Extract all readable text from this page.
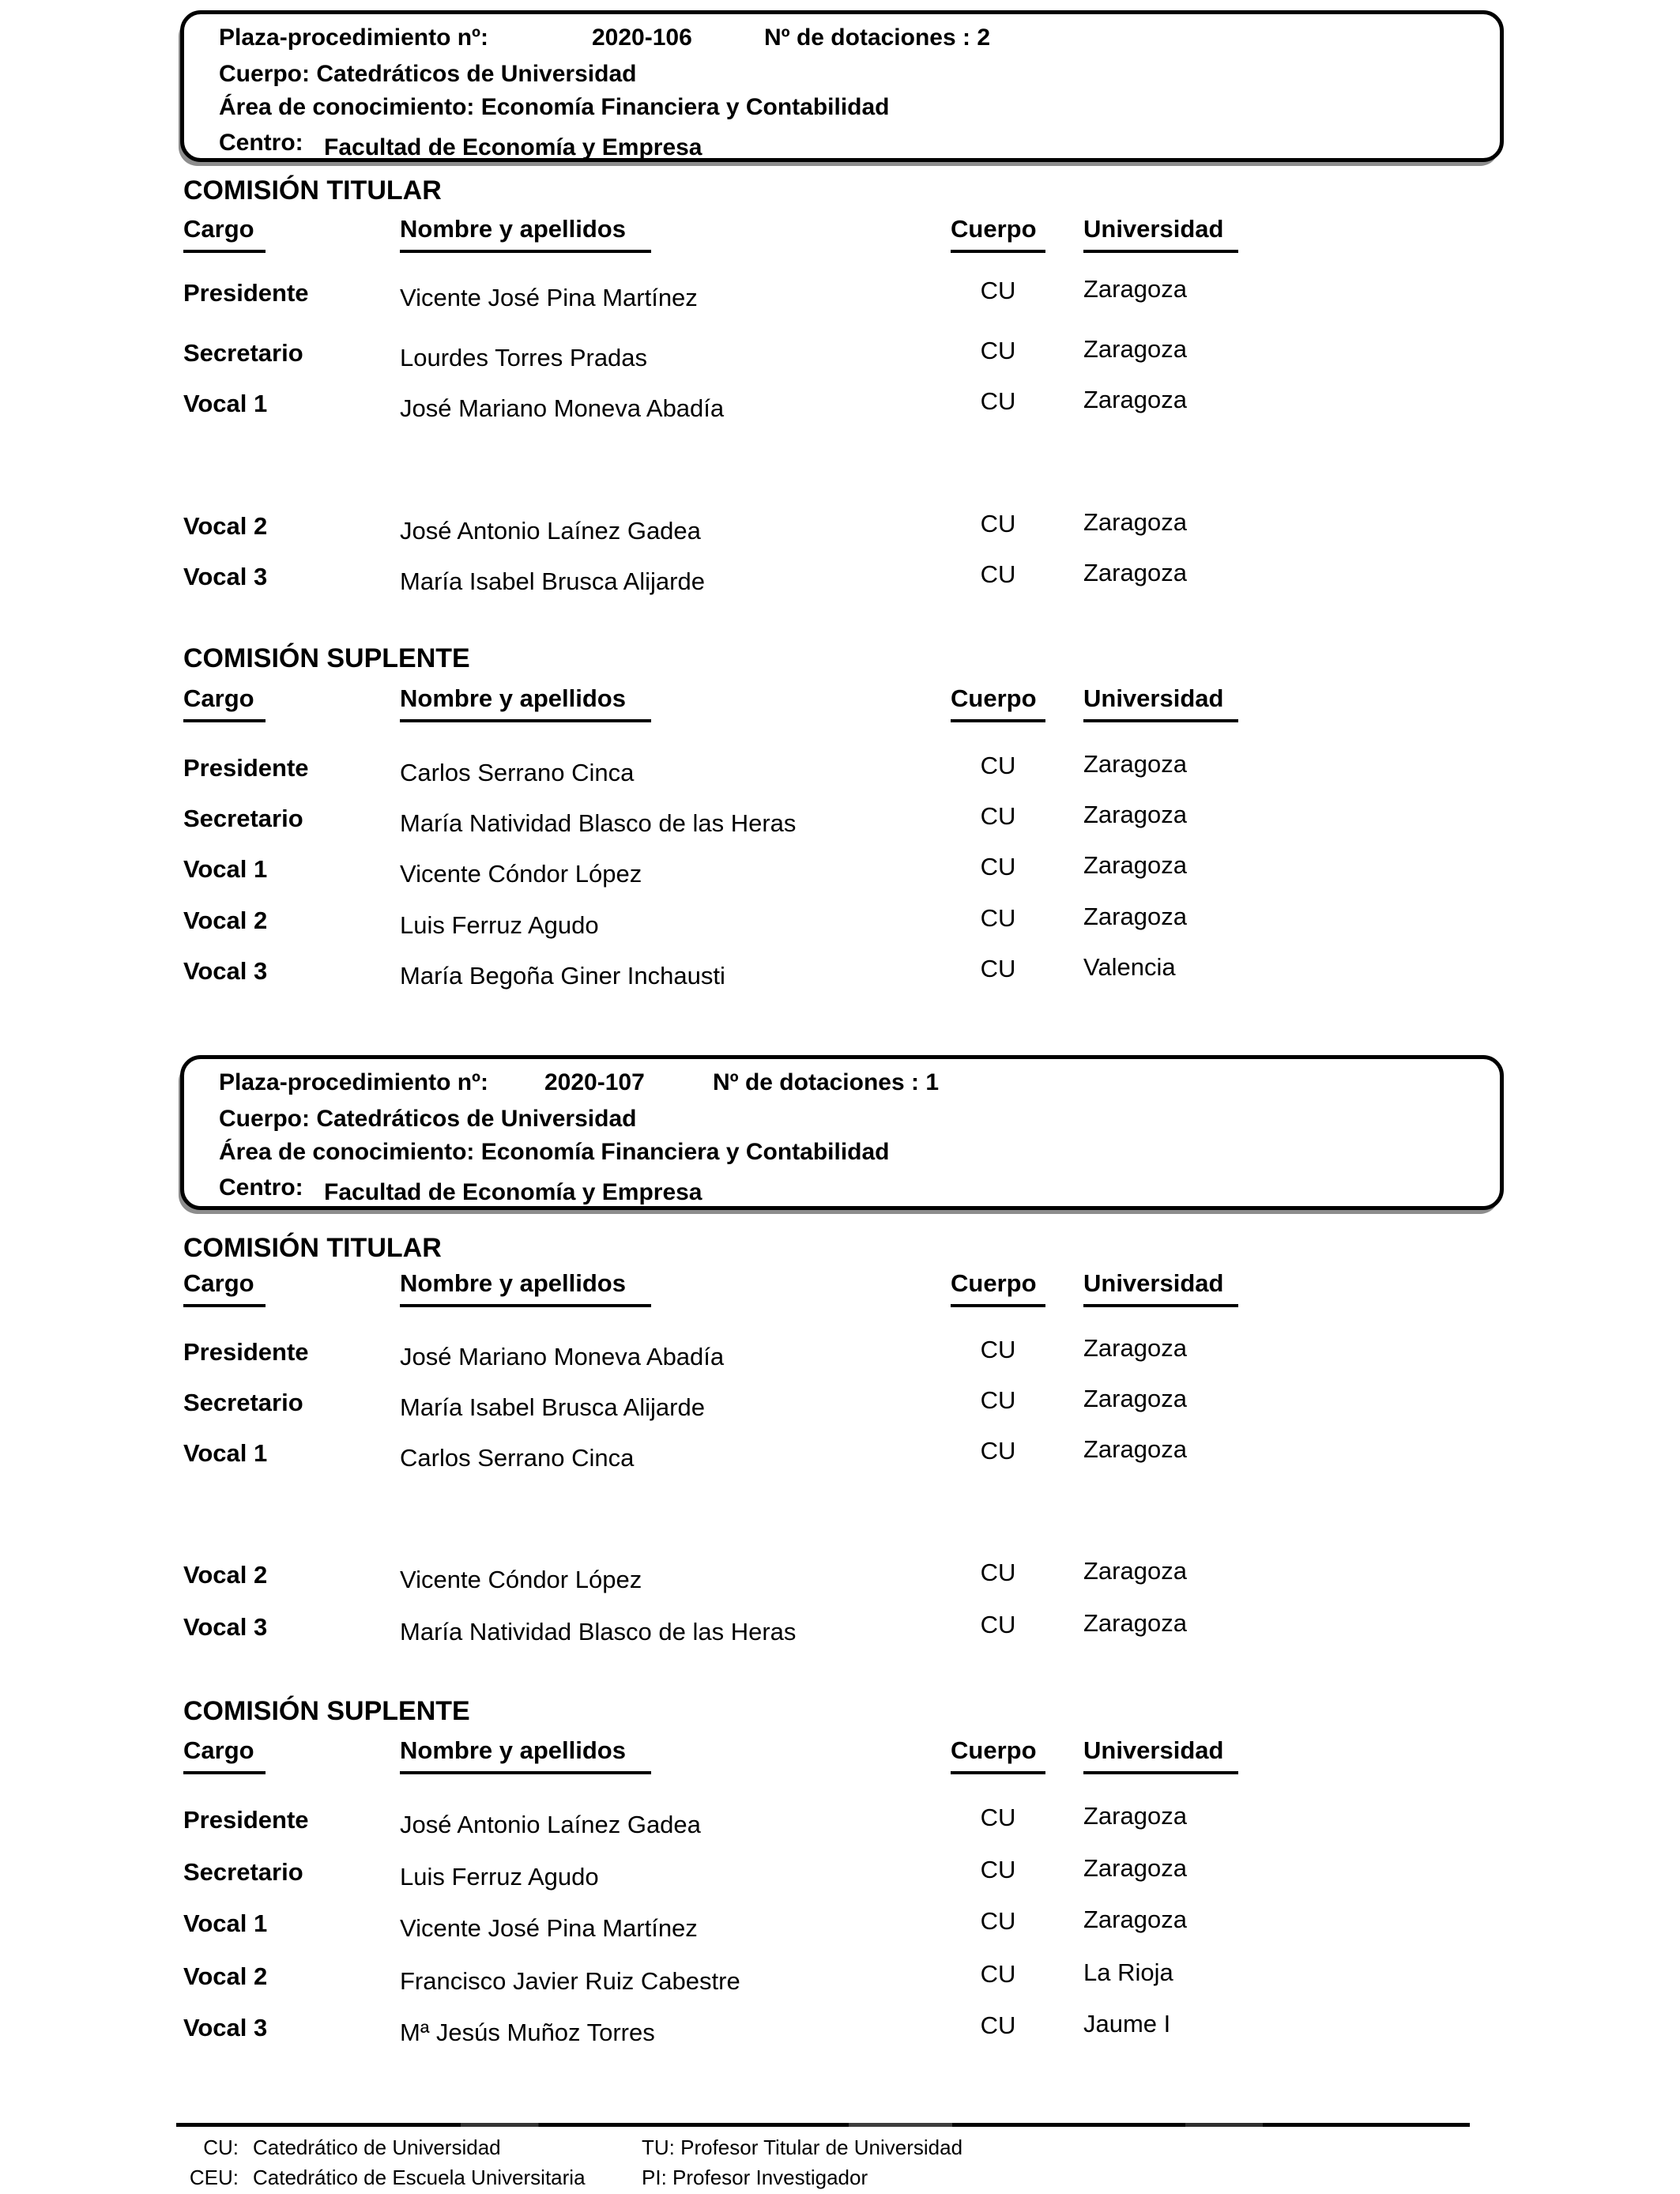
Plaza-procedimiento nº:	2020-106	Nº de dotaciones : 2
Cuerpo: Catedráticos de Universidad
Área de conocimiento: Economía Financiera y Contabilidad
Centro: Facultad de Economía y Empresa
COMISIÓN TITULAR
Cargo	Nombre y apellidos	Cuerpo	Universidad
Presidente	Vicente José Pina Martínez	CU	Zaragoza
Secretario	Lourdes Torres Pradas	CU	Zaragoza
Vocal 1	José Mariano Moneva Abadía	CU	Zaragoza
Vocal 2	José Antonio Laínez Gadea	CU	Zaragoza
Vocal 3	María Isabel Brusca Alijarde	CU	Zaragoza
COMISIÓN SUPLENTE
Cargo	Nombre y apellidos	Cuerpo	Universidad
Presidente	Carlos Serrano Cinca	CU	Zaragoza
Secretario	María Natividad Blasco de las Heras	CU	Zaragoza
Vocal 1	Vicente Cóndor López	CU	Zaragoza
Vocal 2	Luis Ferruz Agudo	CU	Zaragoza
Vocal 3	María Begoña Giner Inchausti	CU	Valencia
Plaza-procedimiento nº: 2020-107	Nº de dotaciones : 1
Cuerpo: Catedráticos de Universidad
Área de conocimiento: Economía Financiera y Contabilidad
Centro: Facultad de Economía y Empresa
COMISIÓN TITULAR
Cargo	Nombre y apellidos	Cuerpo	Universidad
Presidente	José Mariano Moneva Abadía	CU	Zaragoza
Secretario	María Isabel Brusca Alijarde	CU	Zaragoza
Vocal 1	Carlos Serrano Cinca	CU	Zaragoza
Vocal 2	Vicente Cóndor López	CU	Zaragoza
Vocal 3	María Natividad Blasco de las Heras	CU	Zaragoza
COMISIÓN SUPLENTE
Cargo	Nombre y apellidos	Cuerpo	Universidad
Presidente	José Antonio Laínez Gadea	CU	Zaragoza
Secretario	Luis Ferruz Agudo	CU	Zaragoza
Vocal 1	Vicente José Pina Martínez	CU	Zaragoza
Vocal 2	Francisco Javier Ruiz Cabestre	CU	La Rioja
Vocal 3	Mª Jesús Muñoz Torres	CU	Jaume I
CU: Catedrático de Universidad	TU: Profesor Titular de Universidad
CEU: Catedrático de Escuela Universitaria	PI: Profesor Investigador
